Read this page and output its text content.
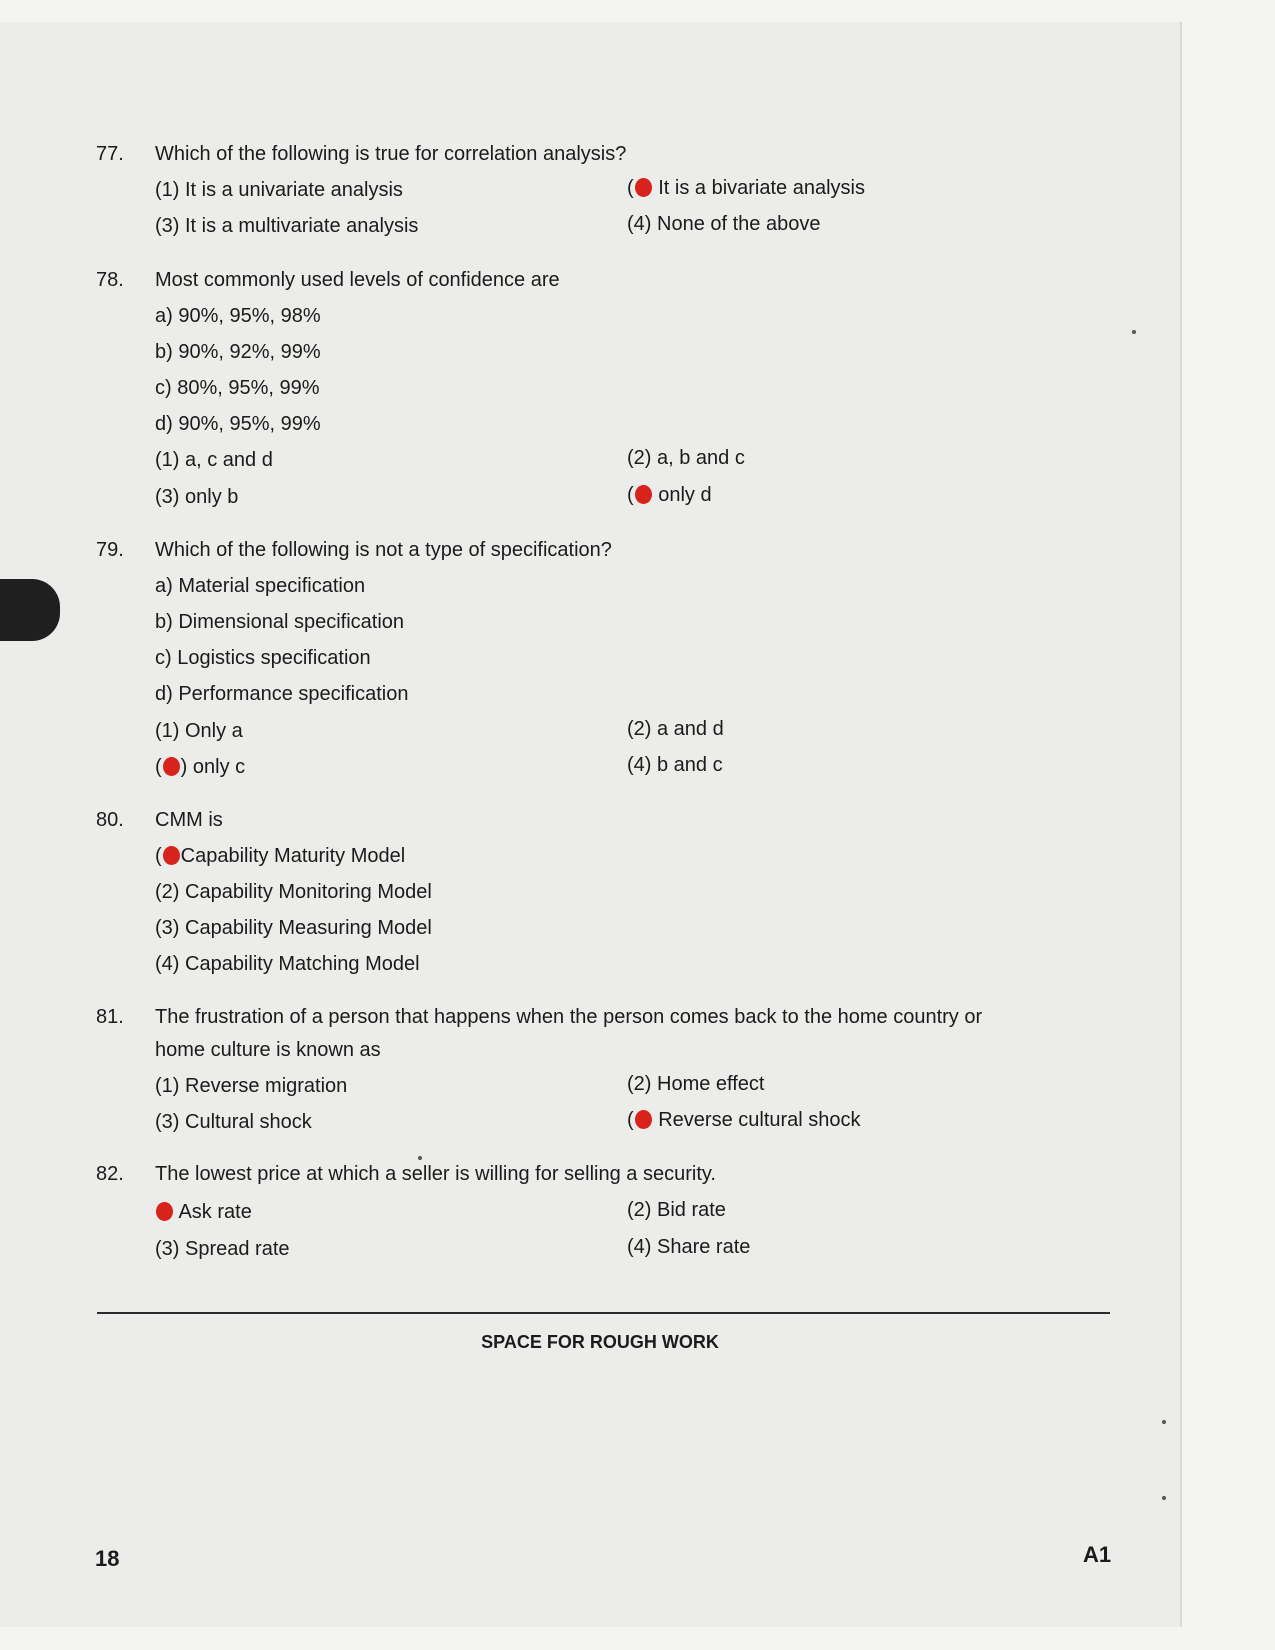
77. Which of the following is true for correlation analysis?
(1) It is a univariate analysis	( It is a bivariate analysis
(3) It is a multivariate analysis	(4) None of the above
78. Most commonly used levels of confidence are
a) 90%, 95%, 98%
b) 90%, 92%, 99%
c) 80%, 95%, 99%
d) 90%, 95%, 99%
(1) a, c and d	(2) a, b and c
(3) only b	( only d
79. Which of the following is not a type of specification?
a) Material specification
b) Dimensional specification
c) Logistics specification
d) Performance specification
(1) Only a	(2) a and d
( ) only c	(4) b and c
80. CMM is
( Capability Maturity Model
(2) Capability Monitoring Model
(3) Capability Measuring Model
(4) Capability Matching Model
81. The frustration of a person that happens when the person comes back to the home country or
home culture is known as
(1) Reverse migration	(2) Home effect
(3) Cultural shock	( Reverse cultural shock
82. The lowest price at which a seller is willing for selling a security.
Ask rate	(2) Bid rate
(3) Spread rate	(4) Share rate
SPACE FOR ROUGH WORK
18	A1
